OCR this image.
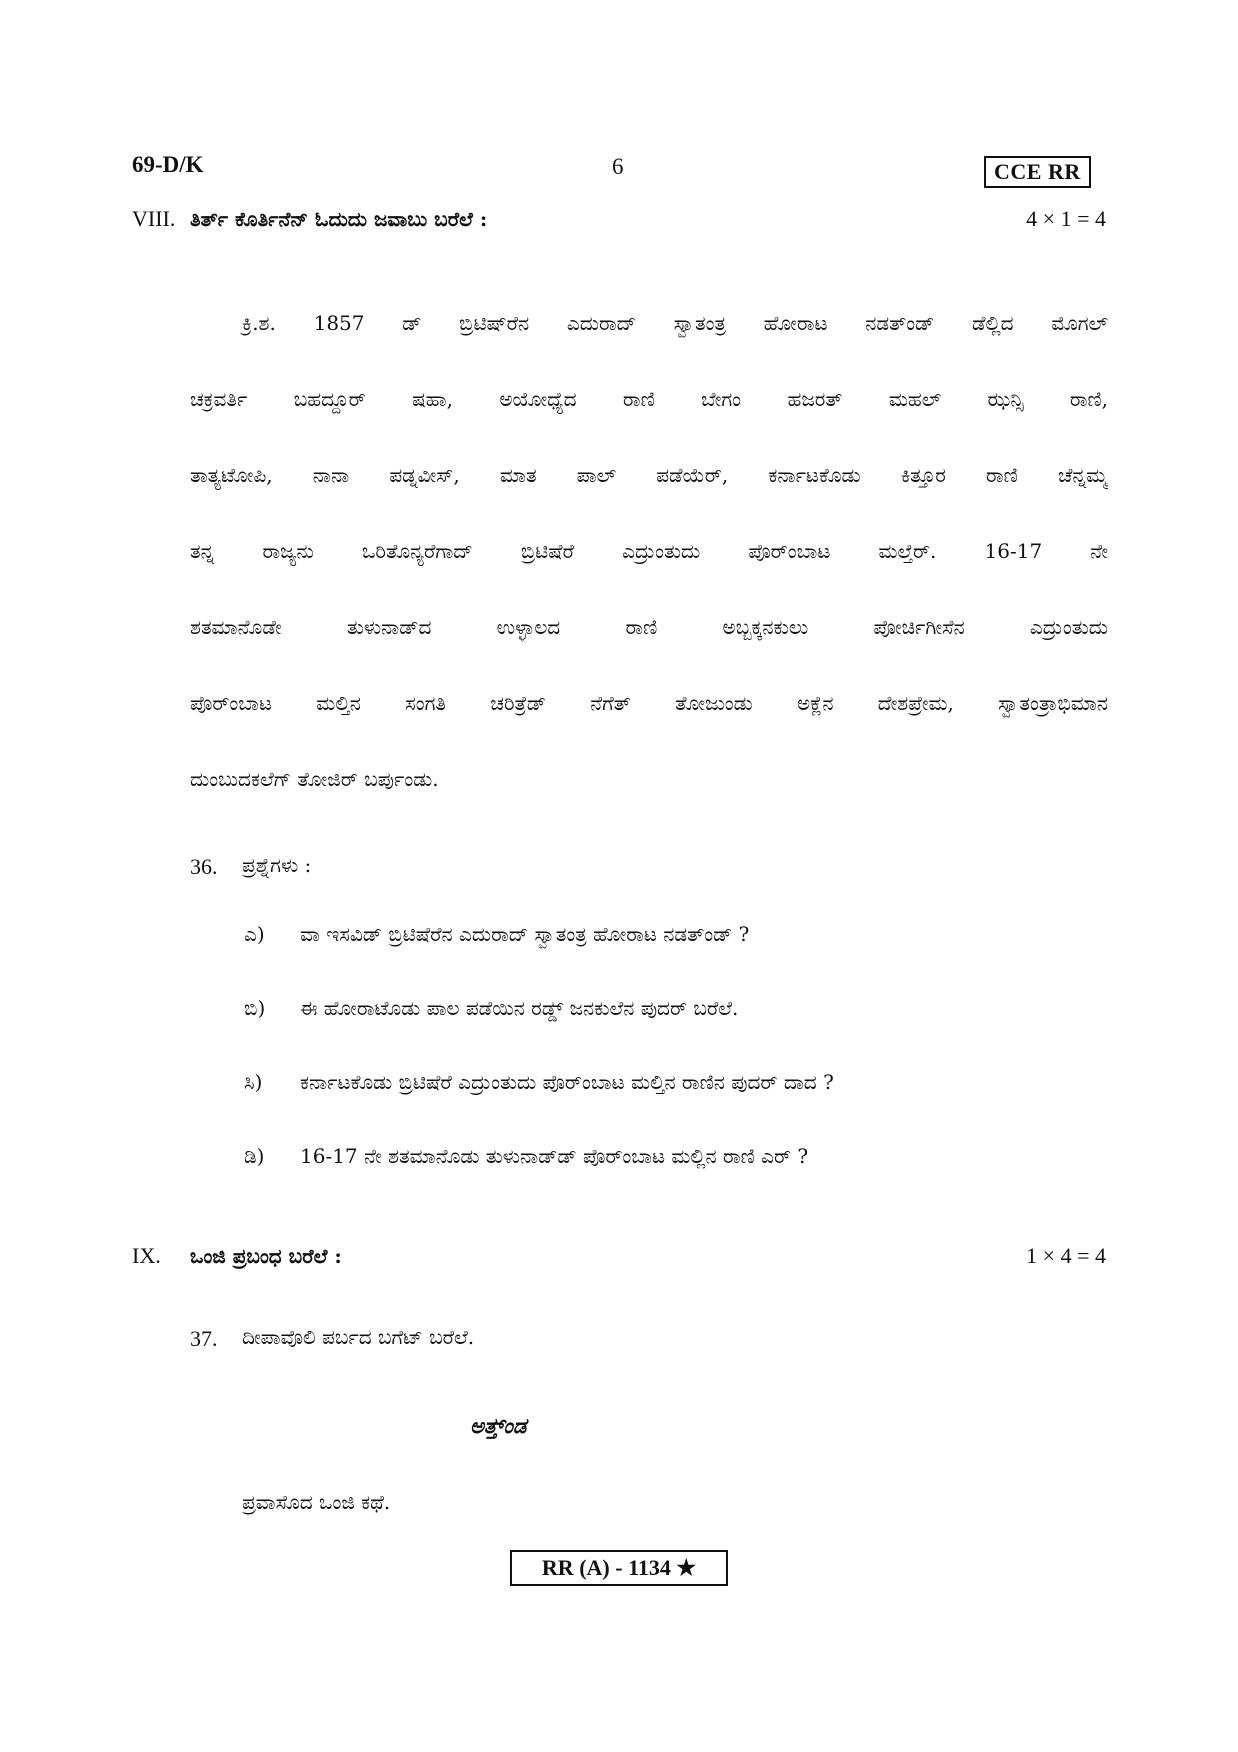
69-D/K	6	CCE RR
VIII. ತಿರ್ತ್ ಕೊರ್ತಿನೆನ್ ಓದುದು ಜವಾಬು ಬರೆಲೆ :	4 × 1 = 4
ಕ್ರಿ.ಶ. 1857 ಡ್ ಬ್ರಿಟಿಷ್‌ರೆನ ಎದುರಾದ್ ಸ್ವಾತಂತ್ರ ಹೋರಾಟ ನಡತ್‌ಂಡ್ ಡೆಲ್ಲಿದ ಮೊಗಲ್
ಚಕ್ರವರ್ತಿ ಬಹದ್ದೂರ್ ಷಹಾ, ಅಯೋಧ್ಯೆದ ರಾಣಿ ಬೇಗಂ ಹಜರತ್ ಮಹಲ್ ಝನ್ಸಿ ರಾಣಿ,
ತಾತ್ಯಟೋಪಿ, ನಾನಾ ಪಡ್ನವೀಸ್, ಮಾತ ಪಾಲ್ ಪಡೆಯೆರ್, ಕರ್ನಾಟಕೊಡು ಕಿತ್ತೂರ ರಾಣಿ ಚೆನ್ನಮ್ಮ
ತನ್ನ ರಾಜ್ಯನು ಒರಿತೊನ್ಯರೆಗಾದ್ ಬ್ರಿಟಿಷೆರೆ ಎದ್ರುಂತುದು ಪೊರ್ಂಬಾಟ ಮಲ್ತೆರ್. 16-17 ನೇ
ಶತಮಾನೊಡೇ ತುಳುನಾಡ್‌ದ ಉಳ್ಳಾಲದ ರಾಣಿ ಅಬ್ಬಕ್ಕನಕುಲು ಪೋರ್ಚಿಗೀಸೆನ ಎದ್ರುಂತುದು
ಪೊರ್ಂಬಾಟ ಮಲ್ತಿನ ಸಂಗತಿ ಚರಿತ್ರೆಡ್ ನೆಗೆತ್ ತೋಜುಂಡು ಅಕ್ಲೆನ ದೇಶಪ್ರೇಮ, ಸ್ವಾತಂತ್ರಾಭಿಮಾನ
ದುಂಬುದಕಲೆಗ್ ತೋಜಿರ್ ಬರ್ಪುಂಡು.
36. ಪ್ರಶ್ನೆಗಳು :
ಎ) ವಾ ಇಸವಿಡ್ ಬ್ರಿಟಿಷೆರೆನ ಎದುರಾದ್ ಸ್ವಾತಂತ್ರ ಹೋರಾಟ ನಡತ್‌ಂಡ್ ?
ಬಿ) ಈ ಹೋರಾಟೊಡು ಪಾಲ ಪಡೆಯಿನ ರಡ್ಡ್ ಜನಕುಲೆನ ಪುದರ್ ಬರೆಲೆ.
ಸಿ) ಕರ್ನಾಟಕೊಡು ಬ್ರಿಟಿಷೆರೆ ಎದ್ರುಂತುದು ಪೊರ್ಂಬಾಟ ಮಲ್ತಿನ ರಾಣಿನ ಪುದರ್ ದಾದ ?
ಡಿ) 16-17 ನೇ ಶತಮಾನೊಡು ತುಳುನಾಡ್‌ಡ್ ಪೊರ್ಂಬಾಟ ಮಲ್ಲಿನ ರಾಣಿ ಎರ್ ?
IX. ಒಂಜಿ ಪ್ರಬಂಧ ಬರೆಲೆ :	1 × 4 = 4
37. ದೀಪಾವೊಲಿ ಪರ್ಬದ ಬಗೆಟ್ ಬರೆಲೆ.
ಅತ್ತ್‌ಂಡ
ಪ್ರವಾಸೊದ ಒಂಜಿ ಕಥೆ.
RR (A) - 1134 ★
